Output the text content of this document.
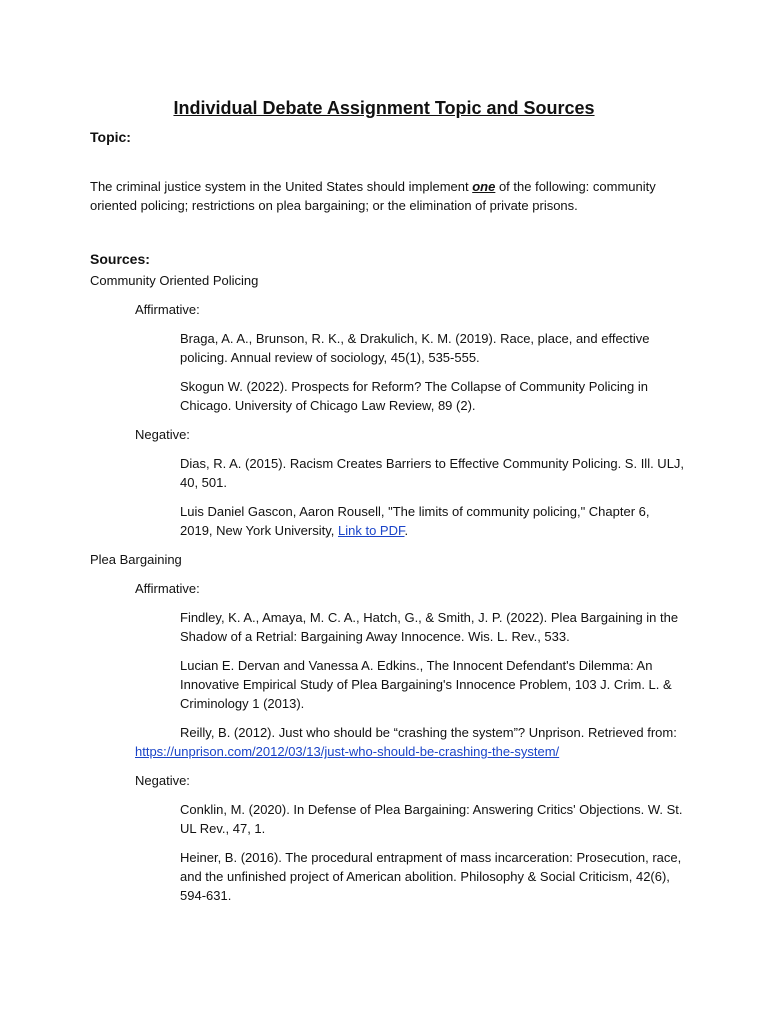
Individual Debate Assignment Topic and Sources
Topic:

The criminal justice system in the United States should implement one of the following: community oriented policing; restrictions on plea bargaining; or the elimination of private prisons.

Sources:

Community Oriented Policing

Affirmative:

Braga, A. A., Brunson, R. K., & Drakulich, K. M. (2019). Race, place, and effective policing. Annual review of sociology, 45(1), 535-555.

Skogun W. (2022). Prospects for Reform? The Collapse of Community Policing in Chicago. University of Chicago Law Review, 89 (2).

Negative:

Dias, R. A. (2015). Racism Creates Barriers to Effective Community Policing. S. Ill. ULJ, 40, 501.

Luis Daniel Gascon, Aaron Rousell, "The limits of community policing," Chapter 6, 2019, New York University, Link to PDF.

Plea Bargaining

Affirmative:

Findley, K. A., Amaya, M. C. A., Hatch, G., & Smith, J. P. (2022). Plea Bargaining in the Shadow of a Retrial: Bargaining Away Innocence. Wis. L. Rev., 533.

Lucian E. Dervan and Vanessa A. Edkins., The Innocent Defendant's Dilemma: An Innovative Empirical Study of Plea Bargaining's Innocence Problem, 103 J. Crim. L. & Criminology 1 (2013).

Reilly, B. (2012). Just who should be “crashing the system”? Unprison. Retrieved from: https://unprison.com/2012/03/13/just-who-should-be-crashing-the-system/

Negative:

Conklin, M. (2020). In Defense of Plea Bargaining: Answering Critics' Objections. W. St. UL Rev., 47, 1.

Heiner, B. (2016). The procedural entrapment of mass incarceration: Prosecution, race, and the unfinished project of American abolition. Philosophy & Social Criticism, 42(6), 594-631.
